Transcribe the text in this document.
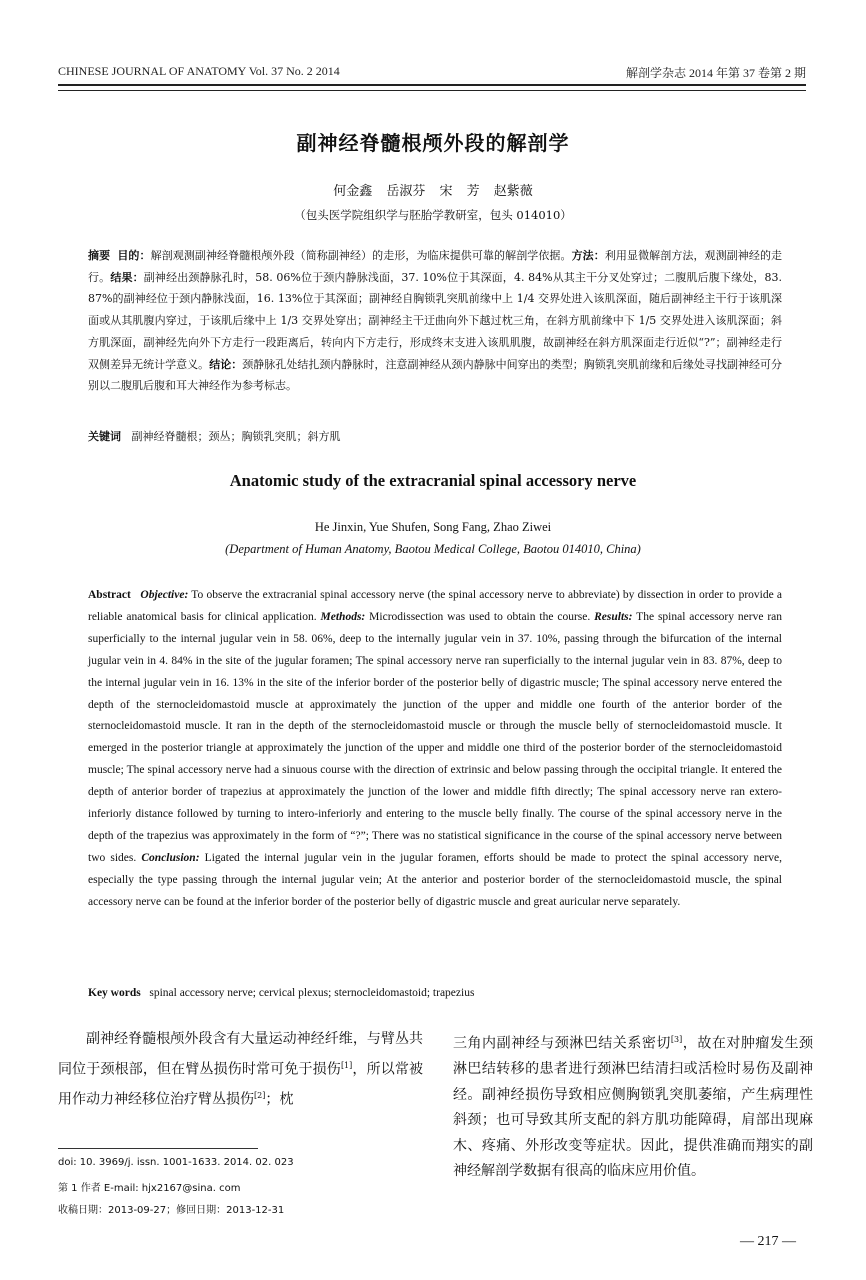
CHINESE JOURNAL OF ANATOMY Vol. 37 No. 2 2014	解剖学杂志 2014 年第 37 卷第 2 期
副神经脊髓根颅外段的解剖学
何金鑫 岳淑芬 宋 芳 赵紫薇
（包头医学院组织学与胚胎学教研室，包头 014010）
摘要 目的：解剖观测副神经脊髓根颅外段（简称副神经）的走形，为临床提供可靠的解剖学依据。方法：利用显微解剖方法，观测副神经的走行。结果：副神经出颈静脉孔时，58. 06%位于颈内静脉浅面，37. 10%位于其深面，4. 84%从其主干分叉处穿过；二腹肌后腹下缘处，83. 87%的副神经位于颈内静脉浅面，16. 13%位于其深面；副神经自胸锁乳突肌前缘中上 1/4 交界处进入该肌深面，随后副神经主干行于该肌深面或从其肌腹内穿过，于该肌后缘中上 1/3 交界处穿出；副神经主干迂曲向外下越过枕三角，在斜方肌前缘中下 1/5 交界处进入该肌深面；斜方肌深面，副神经先向外下方走行一段距离后，转向内下方走行，形成终末支进入该肌肌腹，故副神经在斜方肌深面走行近似“?”；副神经走行双侧差异无统计学意义。结论：颈静脉孔处结扎颈内静脉时，注意副神经从颈内静脉中间穿出的类型；胸锁乳突肌前缘和后缘处寻找副神经可分别以二腹肌后腹和耳大神经作为参考标志。
关键词 副神经脊髓根；颈丛；胸锁乳突肌；斜方肌
Anatomic study of the extracranial spinal accessory nerve
He Jinxin, Yue Shufen, Song Fang, Zhao Ziwei
(Department of Human Anatomy, Baotou Medical College, Baotou 014010, China)
Abstract Objective: To observe the extracranial spinal accessory nerve (the spinal accessory nerve to abbreviate) by dissection in order to provide a reliable anatomical basis for clinical application. Methods: Microdissection was used to obtain the course. Results: The spinal accessory nerve ran superficially to the internal jugular vein in 58. 06%, deep to the internally jugular vein in 37. 10%, passing through the bifurcation of the internal jugular vein in 4. 84% in the site of the jugular foramen; The spinal accessory nerve ran superficially to the internal jugular vein in 83. 87%, deep to the internal jugular vein in 16. 13% in the site of the inferior border of the posterior belly of digastric muscle; The spinal accessory nerve entered the depth of the sternocleidomastoid muscle at approximately the junction of the upper and middle one fourth of the anterior border of the sternocleidomastoid muscle. It ran in the depth of the sternocleidomastoid muscle or through the muscle belly of sternocleidomastoid muscle. It emerged in the posterior triangle at approximately the junction of the upper and middle one third of the posterior border of the sternocleidomastoid muscle; The spinal accessory nerve had a sinuous course with the direction of extrinsic and below passing through the occipital triangle. It entered the depth of anterior border of trapezius at approximately the junction of the lower and middle fifth directly; The spinal accessory nerve ran extero-inferiorly distance followed by turning to intero-inferiorly and entering to the muscle belly finally. The course of the spinal accessory nerve in the depth of the trapezius was approximately in the form of “?”; There was no statistical significance in the course of the spinal accessory nerve between two sides. Conclusion: Ligated the internal jugular vein in the jugular foramen, efforts should be made to protect the spinal accessory nerve, especially the type passing through the internal jugular vein; At the anterior and posterior border of the sternocleidomastoid muscle, the spinal accessory nerve can be found at the inferior border of the posterior belly of digastric muscle and great auricular nerve separately.
Key words spinal accessory nerve; cervical plexus; sternocleidomastoid; trapezius
副神经脊髓根颅外段含有大量运动神经纤维，与臂丛共同位于颈根部，但在臂丛损伤时常可免于损伤[1]，所以常被用作动力神经移位治疗臂丛损伤[2]；枕
三角内副神经与颈淋巴结关系密切[3]，故在对肿瘤发生颈淋巴结转移的患者进行颈淋巴结清扫或活检时易伤及副神经。副神经损伤导致相应侧胸锁乳突肌萎缩，产生病理性斜颈；也可导致其所支配的斜方肌功能障碍，肩部出现麻木、疼痛、外形改变等症状。因此，提供准确而翔实的副神经解剖学数据有很高的临床应用价值。
doi: 10. 3969/j. issn. 1001-1633. 2014. 02. 023
第 1 作者 E-mail: hjx2167@sina. com
收稿日期：2013-09-27；修回日期：2013-12-31
— 217 —
